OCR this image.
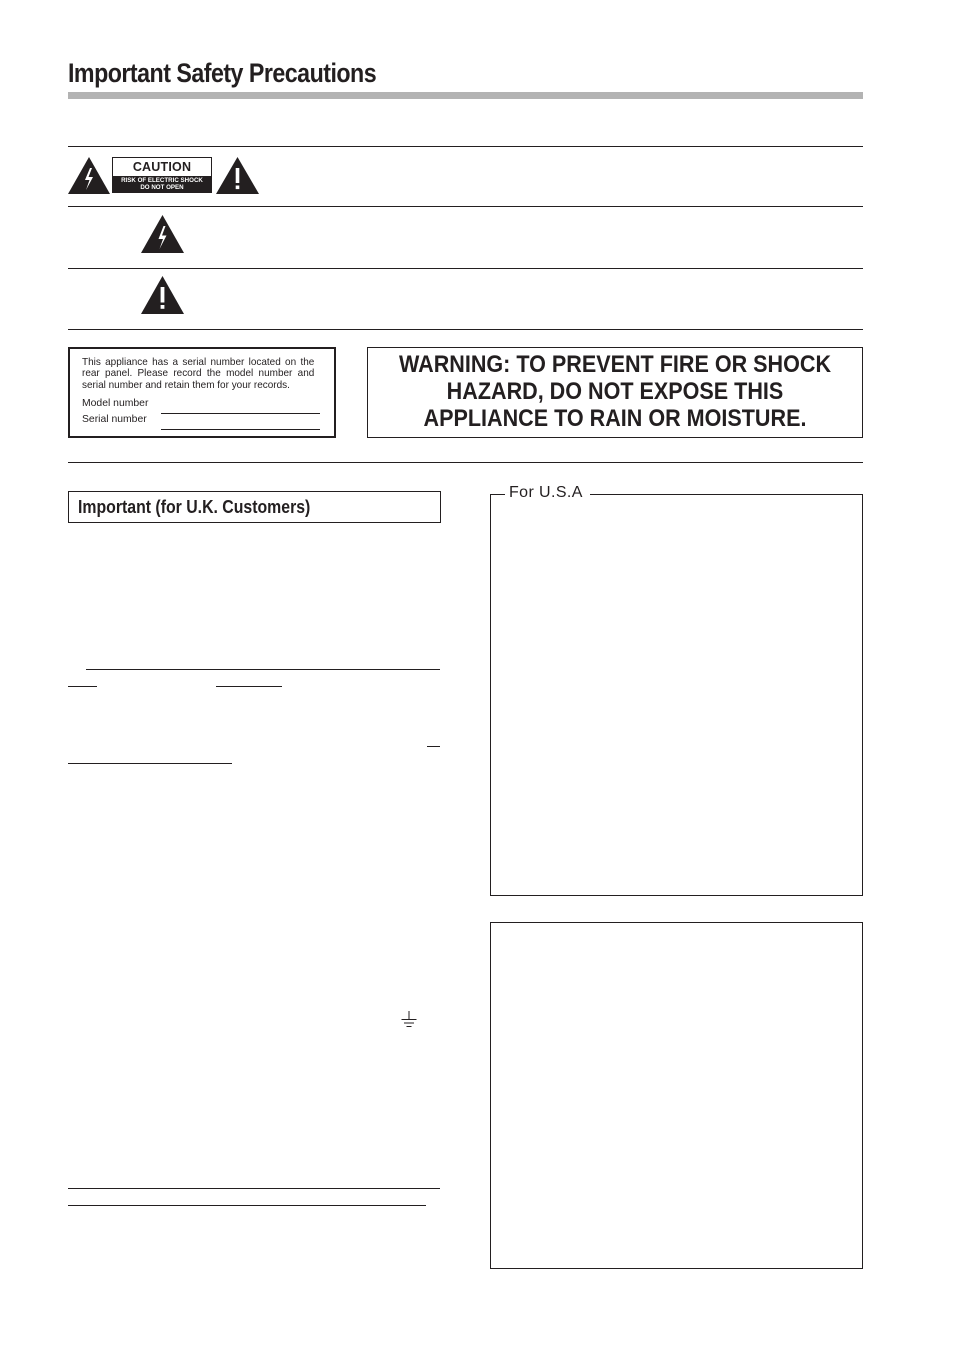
Important Safety Precautions
CAUTION
RISK OF ELECTRIC SHOCK
DO NOT OPEN
This appliance has a serial number located on the rear panel. Please record the model number and serial number and retain them for your records.
Model number
Serial number
WARNING: TO PREVENT FIRE OR SHOCK
HAZARD, DO NOT EXPOSE THIS
APPLIANCE TO RAIN OR MOISTURE.
Important (for U.K. Customers)
For U.S.A
